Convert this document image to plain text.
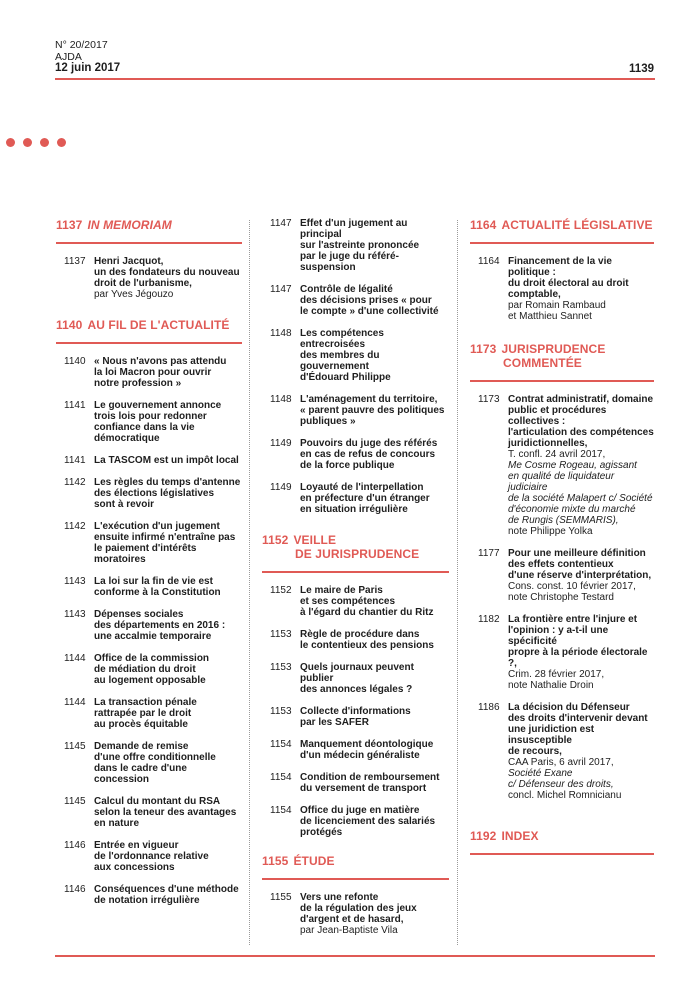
N° 20/2017
AJDA
12 juin 2017	1139
1137 IN MEMORIAM
1137 Henri Jacquot,
un des fondateurs du nouveau
droit de l'urbanisme,
par Yves Jégouzo
1140 AU FIL DE L'ACTUALITÉ
1140 « Nous n'avons pas attendu
la loi Macron pour ouvrir
notre profession »
1141 Le gouvernement annonce
trois lois pour redonner
confiance dans la vie
démocratique
1141 La TASCOM est un impôt local
1142 Les règles du temps d'antenne
des élections législatives
sont à revoir
1142 L'exécution d'un jugement
ensuite infirmé n'entraîne pas
le paiement d'intérêts
moratoires
1143 La loi sur la fin de vie est
conforme à la Constitution
1143 Dépenses sociales
des départements en 2016 :
une accalmie temporaire
1144 Office de la commission
de médiation du droit
au logement opposable
1144 La transaction pénale
rattrapée par le droit
au procès équitable
1145 Demande de remise
d'une offre conditionnelle
dans le cadre d'une concession
1145 Calcul du montant du RSA
selon la teneur des avantages
en nature
1146 Entrée en vigueur
de l'ordonnance relative
aux concessions
1146 Conséquences d'une méthode
de notation irrégulière
1147 Effet d'un jugement au principal
sur l'astreinte prononcée
par le juge du référé-suspension
1147 Contrôle de légalité
des décisions prises « pour
le compte » d'une collectivité
1148 Les compétences entrecroisées
des membres du gouvernement
d'Édouard Philippe
1148 L'aménagement du territoire,
« parent pauvre des politiques
publiques »
1149 Pouvoirs du juge des référés
en cas de refus de concours
de la force publique
1149 Loyauté de l'interpellation
en préfecture d'un étranger
en situation irrégulière
1152 VEILLE
DE JURISPRUDENCE
1152 Le maire de Paris
et ses compétences
à l'égard du chantier du Ritz
1153 Règle de procédure dans
le contentieux des pensions
1153 Quels journaux peuvent publier
des annonces légales ?
1153 Collecte d'informations
par les SAFER
1154 Manquement déontologique
d'un médecin généraliste
1154 Condition de remboursement
du versement de transport
1154 Office du juge en matière
de licenciement des salariés
protégés
1155 ÉTUDE
1155 Vers une refonte
de la régulation des jeux
d'argent et de hasard,
par Jean-Baptiste Vila
1164 ACTUALITÉ LÉGISLATIVE
1164 Financement de la vie politique :
du droit électoral au droit
comptable,
par Romain Rambaud
et Matthieu Sannet
1173 JURISPRUDENCE
COMMENTÉE
1173 Contrat administratif, domaine
public et procédures collectives :
l'articulation des compétences
juridictionnelles,
T. confl. 24 avril 2017,
Me Cosme Rogeau, agissant
en qualité de liquidateur judiciaire
de la société Malapert c/ Société
d'économie mixte du marché
de Rungis (SEMMARIS),
note Philippe Yolka
1177 Pour une meilleure définition
des effets contentieux
d'une réserve d'interprétation,
Cons. const. 10 février 2017,
note Christophe Testard
1182 La frontière entre l'injure et
l'opinion : y a-t-il une spécificité
propre à la période électorale ?,
Crim. 28 février 2017,
note Nathalie Droin
1186 La décision du Défenseur
des droits d'intervenir devant
une juridiction est insusceptible
de recours,
CAA Paris, 6 avril 2017,
Société Exane
c/ Défenseur des droits,
concl. Michel Romnicianu
1192 INDEX
